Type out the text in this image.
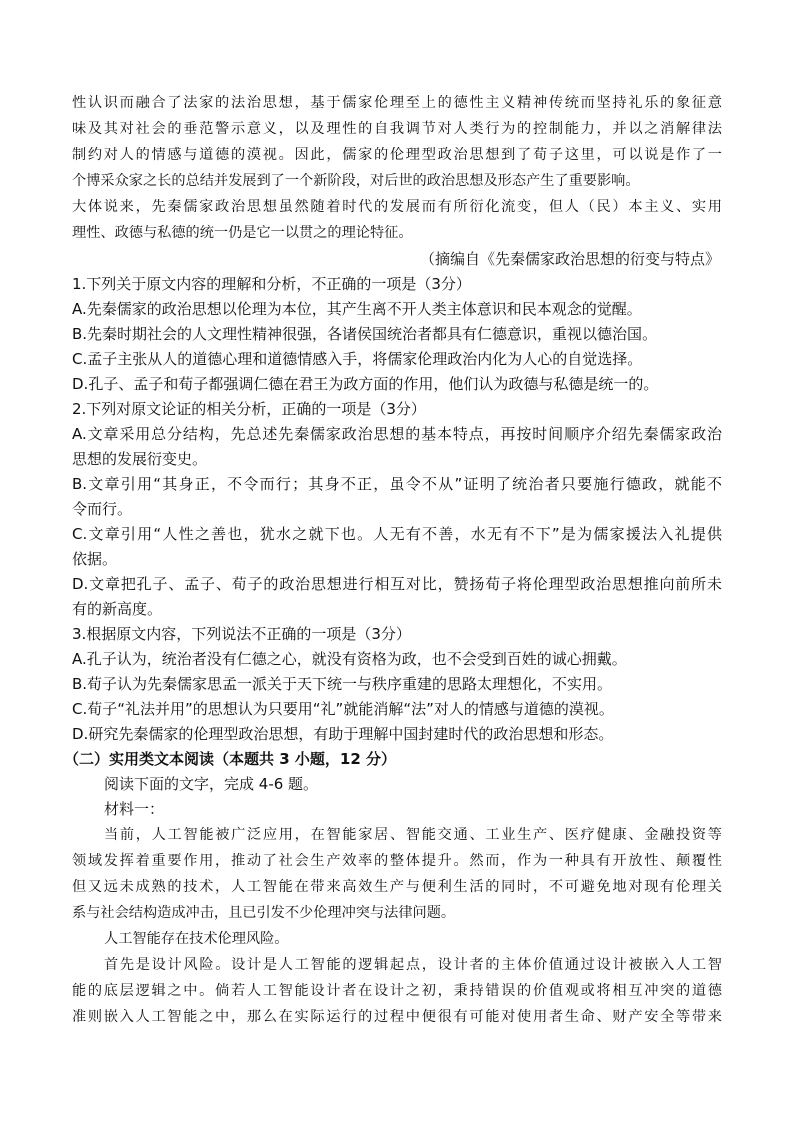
性认识而融合了法家的法治思想，基于儒家伦理至上的德性主义精神传统而坚持礼乐的象征意
味及其对社会的垂范警示意义，以及理性的自我调节对人类行为的控制能力，并以之消解律法
制约对人的情感与道德的漠视。因此，儒家的伦理型政治思想到了荀子这里，可以说是作了一
个博采众家之长的总结并发展到了一个新阶段，对后世的政治思想及形态产生了重要影响。
大体说来，先秦儒家政治思想虽然随着时代的发展而有所衍化流变，但人（民）本主义、实用
理性、政德与私德的统一仍是它一以贯之的理论特征。
（摘编自《先秦儒家政治思想的衍变与特点》
1.下列关于原文内容的理解和分析，不正确的一项是（3分）
A.先秦儒家的政治思想以伦理为本位，其产生离不开人类主体意识和民本观念的觉醒。
B.先秦时期社会的人文理性精神很强，各诸侯国统治者都具有仁德意识，重视以德治国。
C.孟子主张从人的道德心理和道德情感入手，将儒家伦理政治内化为人心的自觉选择。
D.孔子、孟子和荀子都强调仁德在君王为政方面的作用，他们认为政德与私德是统一的。
2.下列对原文论证的相关分析，正确的一项是（3分）
A.文章采用总分结构，先总述先秦儒家政治思想的基本特点，再按时间顺序介绍先秦儒家政治
思想的发展衍变史。
B.文章引用“其身正，不令而行；其身不正，虽令不从”证明了统治者只要施行德政，就能不
令而行。
C.文章引用“人性之善也，犹水之就下也。人无有不善，水无有不下”是为儒家援法入礼提供
依据。
D.文章把孔子、孟子、荀子的政治思想进行相互对比，赞扬荀子将伦理型政治思想推向前所未
有的新高度。
3.根据原文内容，下列说法不正确的一项是（3分）
A.孔子认为，统治者没有仁德之心，就没有资格为政，也不会受到百姓的诚心拥戴。
B.荀子认为先秦儒家思孟一派关于天下统一与秩序重建的思路太理想化，不实用。
C.荀子“礼法并用”的思想认为只要用“礼”就能消解“法”对人的情感与道德的漠视。
D.研究先秦儒家的伦理型政治思想，有助于理解中国封建时代的政治思想和形态。
（二）实用类文本阅读（本题共 3 小题，12 分）
阅读下面的文字，完成 4-6 题。
材料一：
当前，人工智能被广泛应用，在智能家居、智能交通、工业生产、医疗健康、金融投资等
领域发挥着重要作用，推动了社会生产效率的整体提升。然而，作为一种具有开放性、颠覆性
但又远未成熟的技术，人工智能在带来高效生产与便利生活的同时，不可避免地对现有伦理关
系与社会结构造成冲击，且已引发不少伦理冲突与法律问题。
人工智能存在技术伦理风险。
首先是设计风险。设计是人工智能的逻辑起点，设计者的主体价值通过设计被嵌入人工智
能的底层逻辑之中。倘若人工智能设计者在设计之初，秉持错误的价值观或将相互冲突的道德
准则嵌入人工智能之中，那么在实际运行的过程中便很有可能对使用者生命、财产安全等带来
